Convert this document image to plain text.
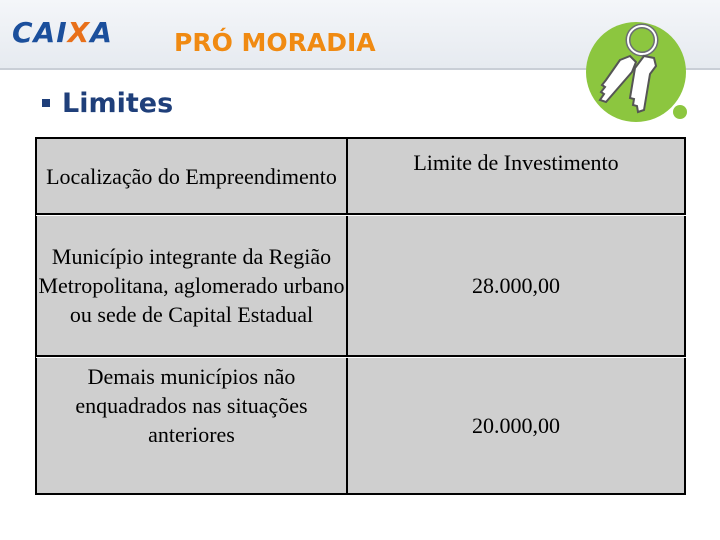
CAIXA PRÓ MORADIA
Limites
Localização do Empreendimento
Limite de Investimento
Município integrante da Região Metropolitana, aglomerado urbano ou sede de Capital Estadual
28.000,00
Demais municípios não enquadrados nas situações anteriores	20.000,00
